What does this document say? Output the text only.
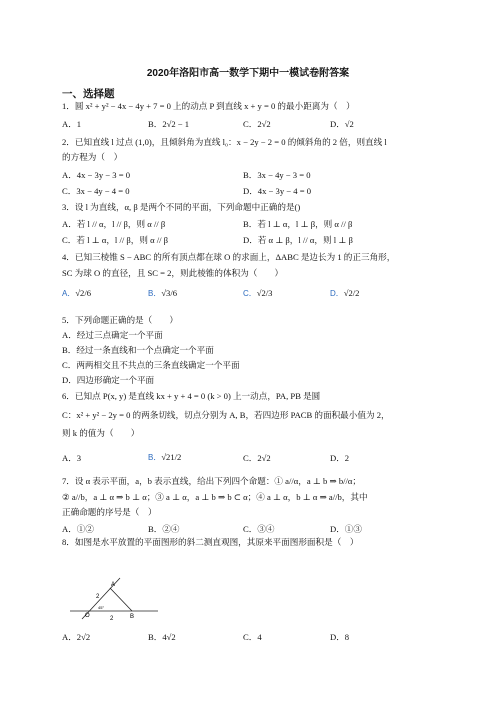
2020年洛阳市高一数学下期中一模试卷附答案
一、选择题
1．圆 x² + y² − 4x − 4y + 7 = 0 上的动点 P 到直线 x + y = 0 的最小距离为（　）
A．1	B．2√2 − 1	C．2√2	D．√2
2．已知直线 l 过点 (1,0)，且倾斜角为直线 l₀：x − 2y − 2 = 0 的倾斜角的 2 倍，则直线 l
的方程为（　）
A．4x − 3y − 3 = 0	B．3x − 4y − 3 = 0
C．3x − 4y − 4 = 0	D．4x − 3y − 4 = 0
3．设 l 为直线，α, β 是两个不同的平面，下列命题中正确的是()
A．若 l // α，l // β，则 α // β	B．若 l ⊥ α，l ⊥ β，则 α // β
C．若 l ⊥ α，l // β，则 α // β	D．若 α ⊥ β，l // α，则 l ⊥ β
4．已知三棱锥 S − ABC 的所有顶点都在球 O 的求面上，ΔABC 是边长为 1 的正三角形，
SC 为球 O 的直径，且 SC = 2，则此棱锥的体积为（　　）
A．√2/6	B．√3/6	C．√2/3	D．√2/2
5．下列命题正确的是（　　）
A．经过三点确定一个平面
B．经过一条直线和一个点确定一个平面
C．两两相交且不共点的三条直线确定一个平面
D．四边形确定一个平面
6．已知点 P(x, y) 是直线 kx + y + 4 = 0 (k > 0) 上一动点，PA, PB 是圆
C：x² + y² − 2y = 0 的两条切线，切点分别为 A, B，若四边形 PACB 的面积最小值为 2，
则 k 的值为（　　）
A．3	B．√21/2	C．2√2	D．2
7．设 α 表示平面，a，b 表示直线，给出下列四个命题：① a//α，a ⊥ b ⇒ b//α；
② a//b，a ⊥ α ⇒ b ⊥ α；③ a ⊥ α，a ⊥ b ⇒ b ⊂ α；④ a ⊥ α，b ⊥ α ⇒ a//b，其中
正确命题的序号是（　）
A．①②	B．②④	C．③④	D．①③
8．如图是水平放置的平面图形的斜二测直观图，其原来平面图形面积是（　）
A
O	B
2
2
45°
A．2√2	B．4√2	C．4	D．8
